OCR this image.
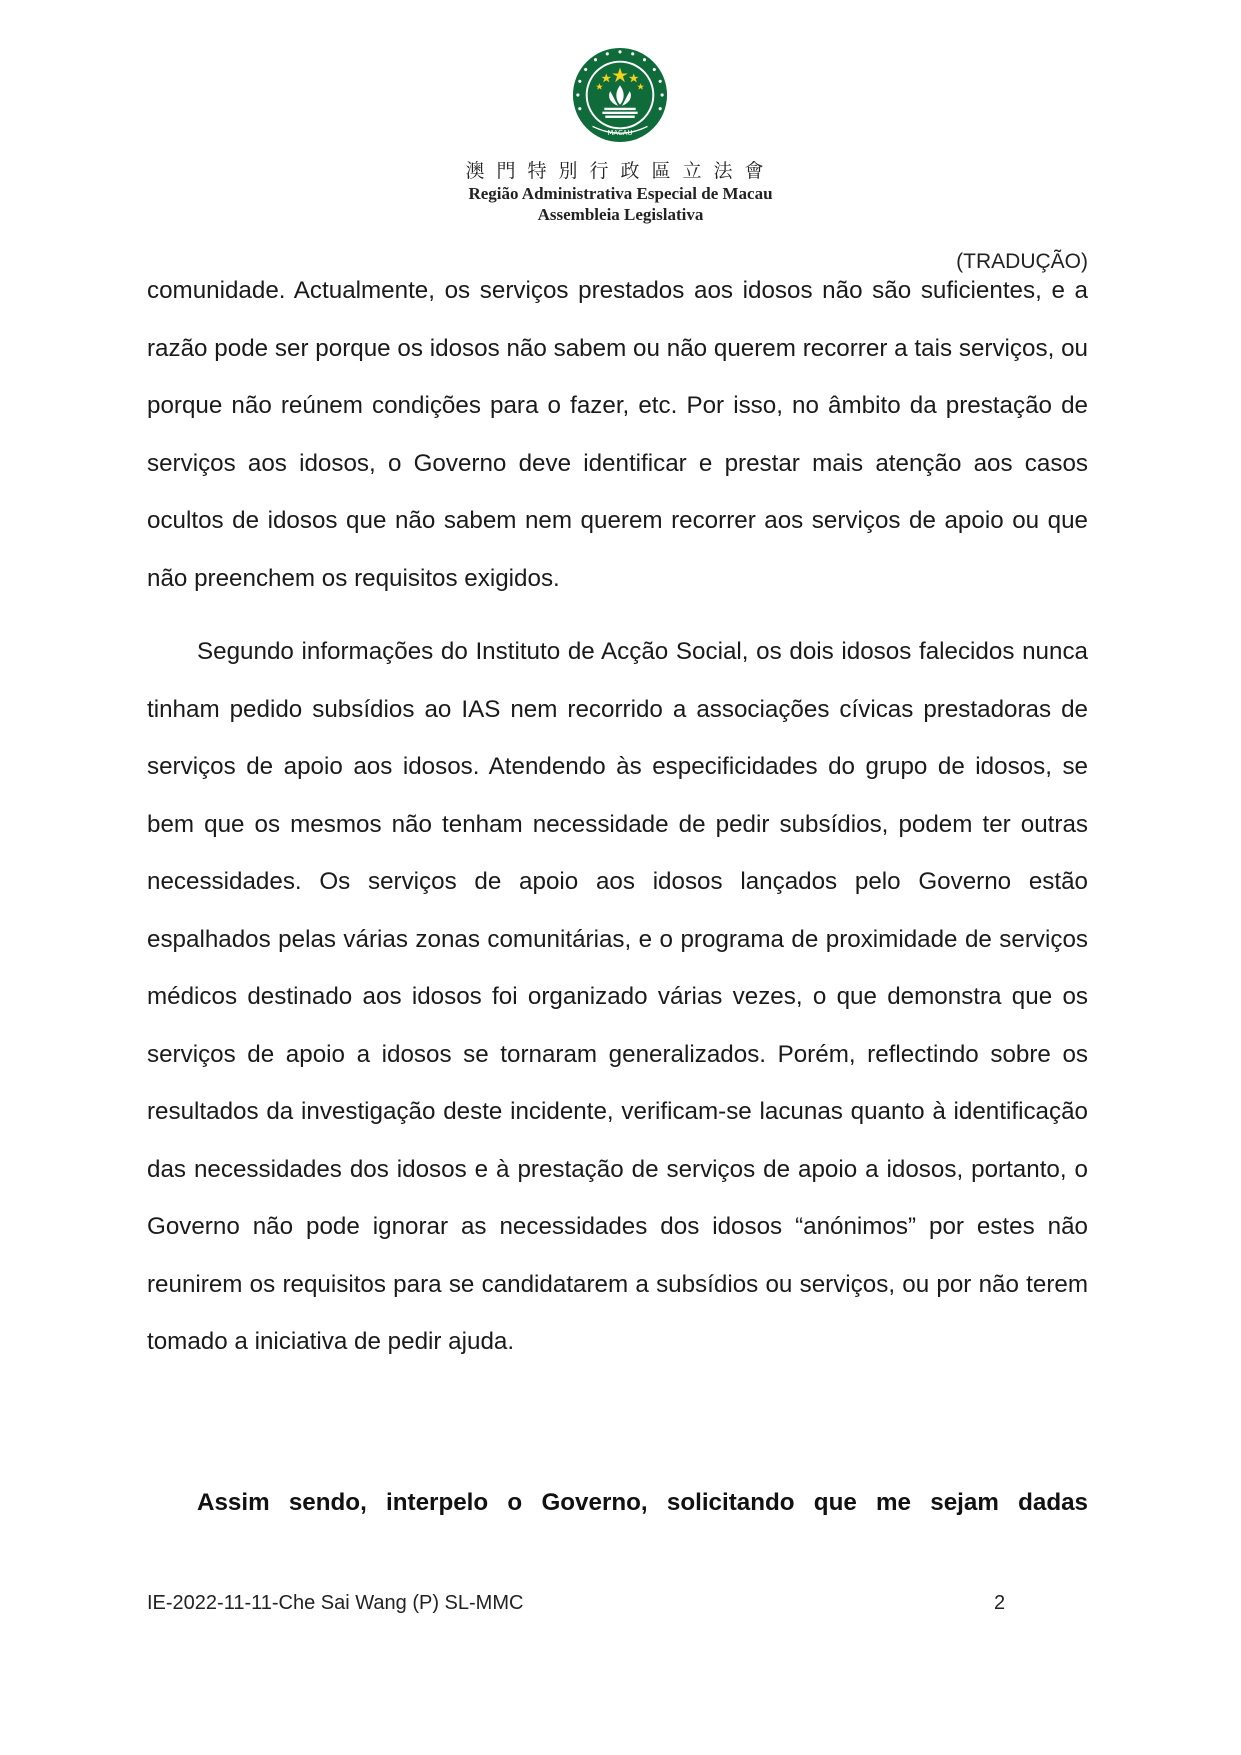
MACAU
澳門特別行政區立法會
Região Administrativa Especial de Macau
Assembleia Legislativa
(TRADUÇÃO)
comunidade. Actualmente, os serviços prestados aos idosos não são suficientes, e a razão pode ser porque os idosos não sabem ou não querem recorrer a tais serviços, ou porque não reúnem condições para o fazer, etc. Por isso, no âmbito da prestação de serviços aos idosos, o Governo deve identificar e prestar mais atenção aos casos ocultos de idosos que não sabem nem querem recorrer aos serviços de apoio ou que não preenchem os requisitos exigidos.
Segundo informações do Instituto de Acção Social, os dois idosos falecidos nunca tinham pedido subsídios ao IAS nem recorrido a associações cívicas prestadoras de serviços de apoio aos idosos. Atendendo às especificidades do grupo de idosos, se bem que os mesmos não tenham necessidade de pedir subsídios, podem ter outras necessidades. Os serviços de apoio aos idosos lançados pelo Governo estão espalhados pelas várias zonas comunitárias, e o programa de proximidade de serviços médicos destinado aos idosos foi organizado várias vezes, o que demonstra que os serviços de apoio a idosos se tornaram generalizados. Porém, reflectindo sobre os resultados da investigação deste incidente, verificam-se lacunas quanto à identificação das necessidades dos idosos e à prestação de serviços de apoio a idosos, portanto, o Governo não pode ignorar as necessidades dos idosos “anónimos” por estes não reunirem os requisitos para se candidatarem a subsídios ou serviços, ou por não terem tomado a iniciativa de pedir ajuda.
Assim sendo, interpelo o Governo, solicitando que me sejam dadas
IE-2022-11-11-Che Sai Wang (P) SL-MMC	2
